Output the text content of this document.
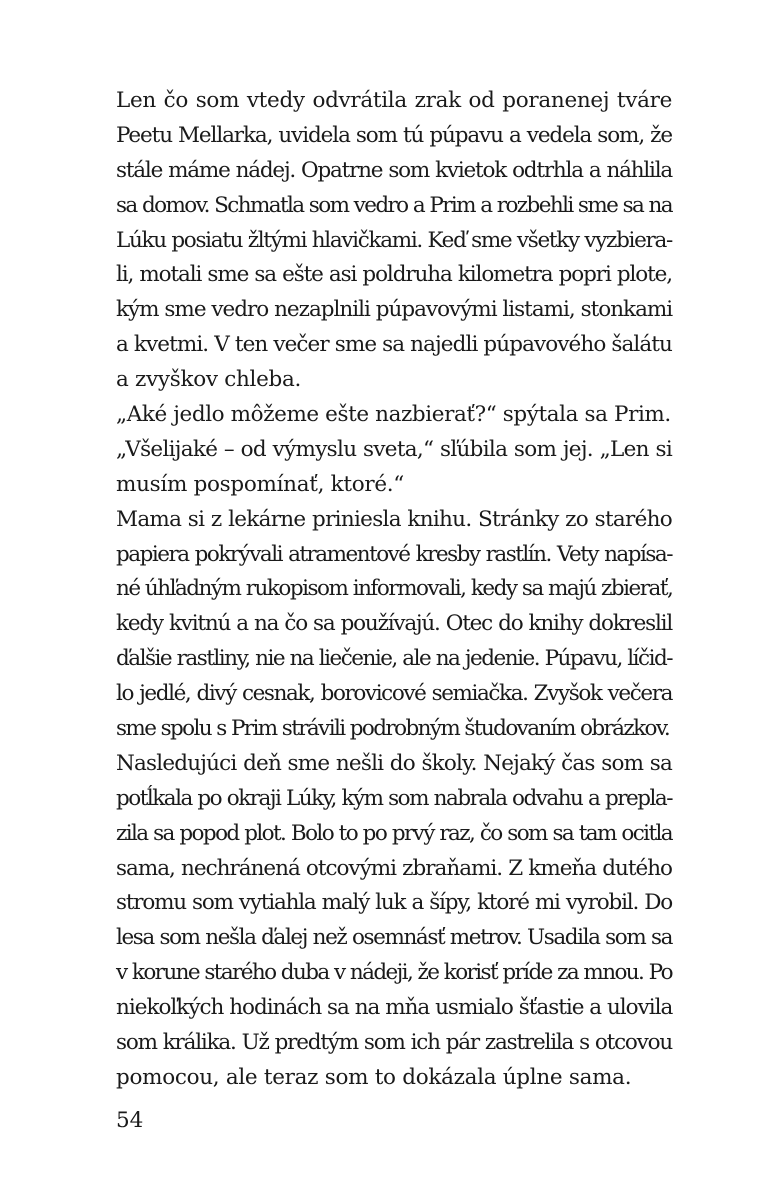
Len čo som vtedy odvrátila zrak od poranenej tváre
Peetu Mellarka, uvidela som tú púpavu a vedela som, že
stále máme nádej. Opatrne som kvietok odtrhla a náhlila
sa domov. Schmatla som vedro a Prim a rozbehli sme sa na
Lúku posiatu žltými hlavičkami. Keď sme všetky vyzbiera-
li, motali sme sa ešte asi poldruha kilometra popri plote,
kým sme vedro nezaplnili púpavovými listami, stonkami
a kvetmi. V ten večer sme sa najedli púpavového šalátu
a zvyškov chleba.
„Aké jedlo môžeme ešte nazbierať?“ spýtala sa Prim.
„Všelijaké – od výmyslu sveta,“ sľúbila som jej. „Len si
musím pospomínať, ktoré.“
Mama si z lekárne priniesla knihu. Stránky zo starého
papiera pokrývali atramentové kresby rastlín. Vety napísa-
né úhľadným rukopisom informovali, kedy sa majú zbierať,
kedy kvitnú a na čo sa používajú. Otec do knihy dokreslil
ďalšie rastliny, nie na liečenie, ale na jedenie. Púpavu, líčid-
lo jedlé, divý cesnak, borovicové semiačka. Zvyšok večera
sme spolu s Prim strávili podrobným študovaním obrázkov.
Nasledujúci deň sme nešli do školy. Nejaký čas som sa
potĺkala po okraji Lúky, kým som nabrala odvahu a prepla-
zila sa popod plot. Bolo to po prvý raz, čo som sa tam ocitla
sama, nechránená otcovými zbraňami. Z kmeňa dutého
stromu som vytiahla malý luk a šípy, ktoré mi vyrobil. Do
lesa som nešla ďalej než osemnásť metrov. Usadila som sa
v korune starého duba v nádeji, že korisť príde za mnou. Po
niekoľkých hodinách sa na mňa usmialo šťastie a ulovila
som králika. Už predtým som ich pár zastrelila s otcovou
pomocou, ale teraz som to dokázala úplne sama.
54
